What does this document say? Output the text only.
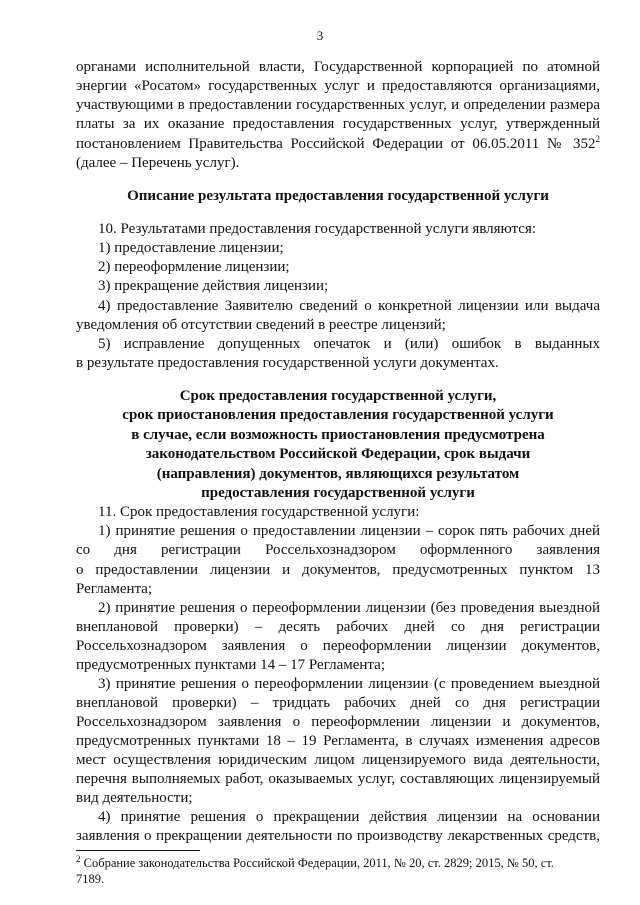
3
органами исполнительной власти, Государственной корпорацией по атомной
энергии «Росатом» государственных услуг и предоставляются организациями,
участвующими в предоставлении государственных услуг, и определении размера
платы за их оказание предоставления государственных услуг, утвержденный
постановлением Правительства Российской Федерации от 06.05.2011 № $352^2$
(далее – Перечень услуг).
Описание результата предоставления государственной услуги
10. Результатами предоставления государственной услуги являются:
1) предоставление лицензии;
2) переоформление лицензии;
3) прекращение действия лицензии;
4) предоставление Заявителю сведений о конкретной лицензии или выдача
уведомления об отсутствии сведений в реестре лицензий;
5) исправление допущенных опечаток и (или) ошибок в выданных
в результате предоставления государственной услуги документах.
Срок предоставления государственной услуги,
срок приостановления предоставления государственной услуги
в случае, если возможность приостановления предусмотрена
законодательством Российской Федерации, срок выдачи
(направления) документов, являющихся результатом
предоставления государственной услуги
11. Срок предоставления государственной услуги:
1) принятие решения о предоставлении лицензии – сорок пять рабочих дней
со дня регистрации Россельхознадзором оформленного заявления
о предоставлении лицензии и документов, предусмотренных пунктом 13
Регламента;
2) принятие решения о переоформлении лицензии (без проведения выездной
внеплановой проверки) – десять рабочих дней со дня регистрации
Россельхознадзором заявления о переоформлении лицензии документов,
предусмотренных пунктами 14 – 17 Регламента;
3) принятие решения о переоформлении лицензии (с проведением выездной
внеплановой проверки) – тридцать рабочих дней со дня регистрации
Россельхознадзором заявления о переоформлении лицензии и документов,
предусмотренных пунктами 18 – 19 Регламента, в случаях изменения адресов
мест осуществления юридическим лицом лицензируемого вида деятельности,
перечня выполняемых работ, оказываемых услуг, составляющих лицензируемый
вид деятельности;
4) принятие решения о прекращении действия лицензии на основании
заявления о прекращении деятельности по производству лекарственных средств,
$^2$ Собрание законодательства Российской Федерации, 2011, № 20, ст. 2829; 2015, № 50, ст.
7189.
